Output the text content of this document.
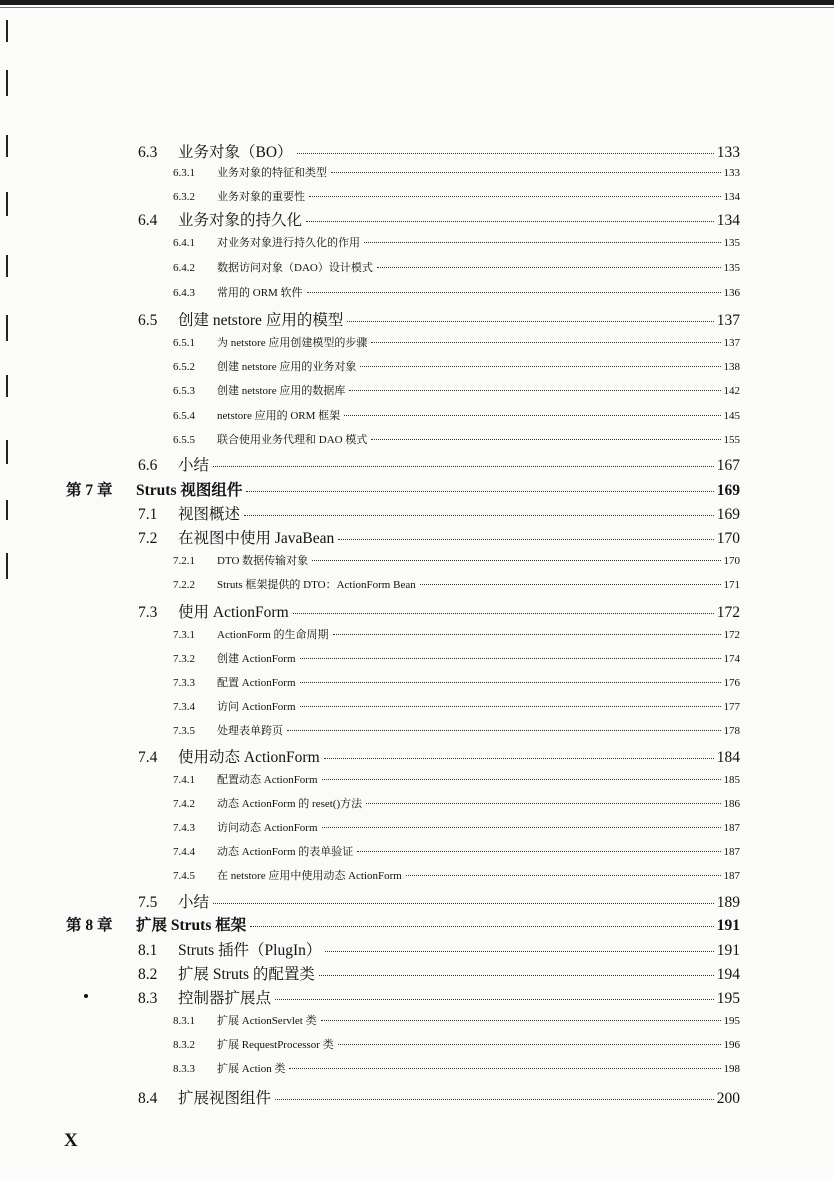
6.3	业务对象（BO）	133
6.3.1	业务对象的特征和类型	133
6.3.2	业务对象的重要性	134
6.4	业务对象的持久化	134
6.4.1	对业务对象进行持久化的作用	135
6.4.2	数据访问对象（DAO）设计模式	135
6.4.3	常用的 ORM 软件	136
6.5	创建 netstore 应用的模型	137
6.5.1	为 netstore 应用创建模型的步骤	137
6.5.2	创建 netstore 应用的业务对象	138
6.5.3	创建 netstore 应用的数据库	142
6.5.4	netstore 应用的 ORM 框架	145
6.5.5	联合使用业务代理和 DAO 模式	155
6.6	小结	167
第 7 章	Struts 视图组件	169
7.1	视图概述	169
7.2	在视图中使用 JavaBean	170
7.2.1	DTO 数据传输对象	170
7.2.2	Struts 框架提供的 DTO：ActionForm Bean	171
7.3	使用 ActionForm	172
7.3.1	ActionForm 的生命周期	172
7.3.2	创建 ActionForm	174
7.3.3	配置 ActionForm	176
7.3.4	访问 ActionForm	177
7.3.5	处理表单跨页	178
7.4	使用动态 ActionForm	184
7.4.1	配置动态 ActionForm	185
7.4.2	动态 ActionForm 的 reset()方法	186
7.4.3	访问动态 ActionForm	187
7.4.4	动态 ActionForm 的表单验证	187
7.4.5	在 netstore 应用中使用动态 ActionForm	187
7.5	小结	189
第 8 章	扩展 Struts 框架	191
8.1	Struts 插件（PlugIn）	191
8.2	扩展 Struts 的配置类	194
8.3	控制器扩展点	195
8.3.1	扩展 ActionServlet 类	195
8.3.2	扩展 RequestProcessor 类	196
8.3.3	扩展 Action 类	198
8.4	扩展视图组件	200
X
